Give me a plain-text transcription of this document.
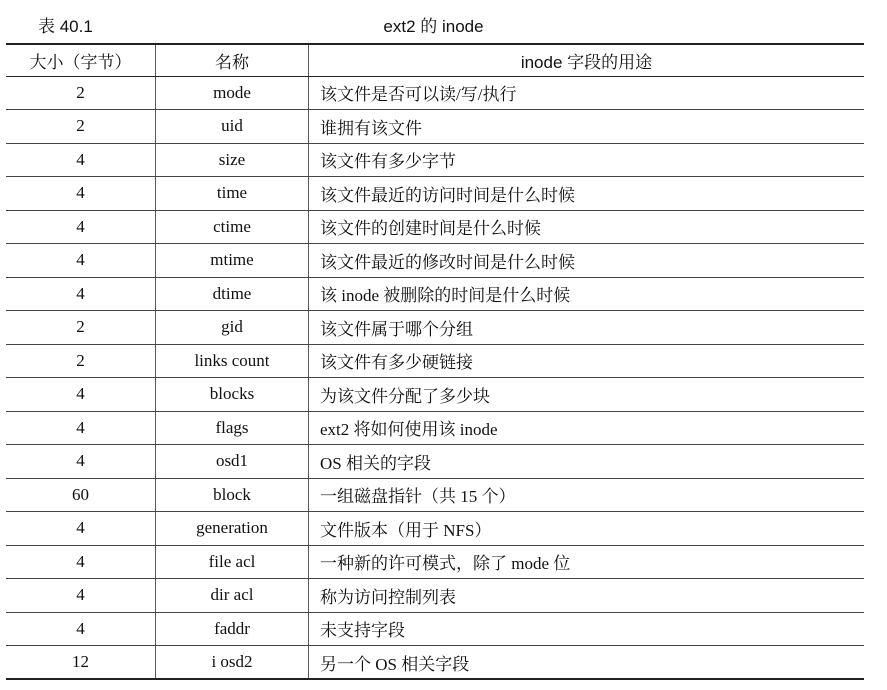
表 40.1	ext2 的 inode
大小（字节）	名称	inode 字段的用途
2	mode	该文件是否可以读/写/执行
2	uid	谁拥有该文件
4	size	该文件有多少字节
4	time	该文件最近的访问时间是什么时候
4	ctime	该文件的创建时间是什么时候
4	mtime	该文件最近的修改时间是什么时候
4	dtime	该 inode 被删除的时间是什么时候
2	gid	该文件属于哪个分组
2	links count	该文件有多少硬链接
4	blocks	为该文件分配了多少块
4	flags	ext2 将如何使用该 inode
4	osd1	OS 相关的字段
60	block	一组磁盘指针（共 15 个）
4	generation	文件版本（用于 NFS）
4	file acl	一种新的许可模式，除了 mode 位
4	dir acl	称为访问控制列表
4	faddr	未支持字段
12	i osd2	另一个 OS 相关字段
